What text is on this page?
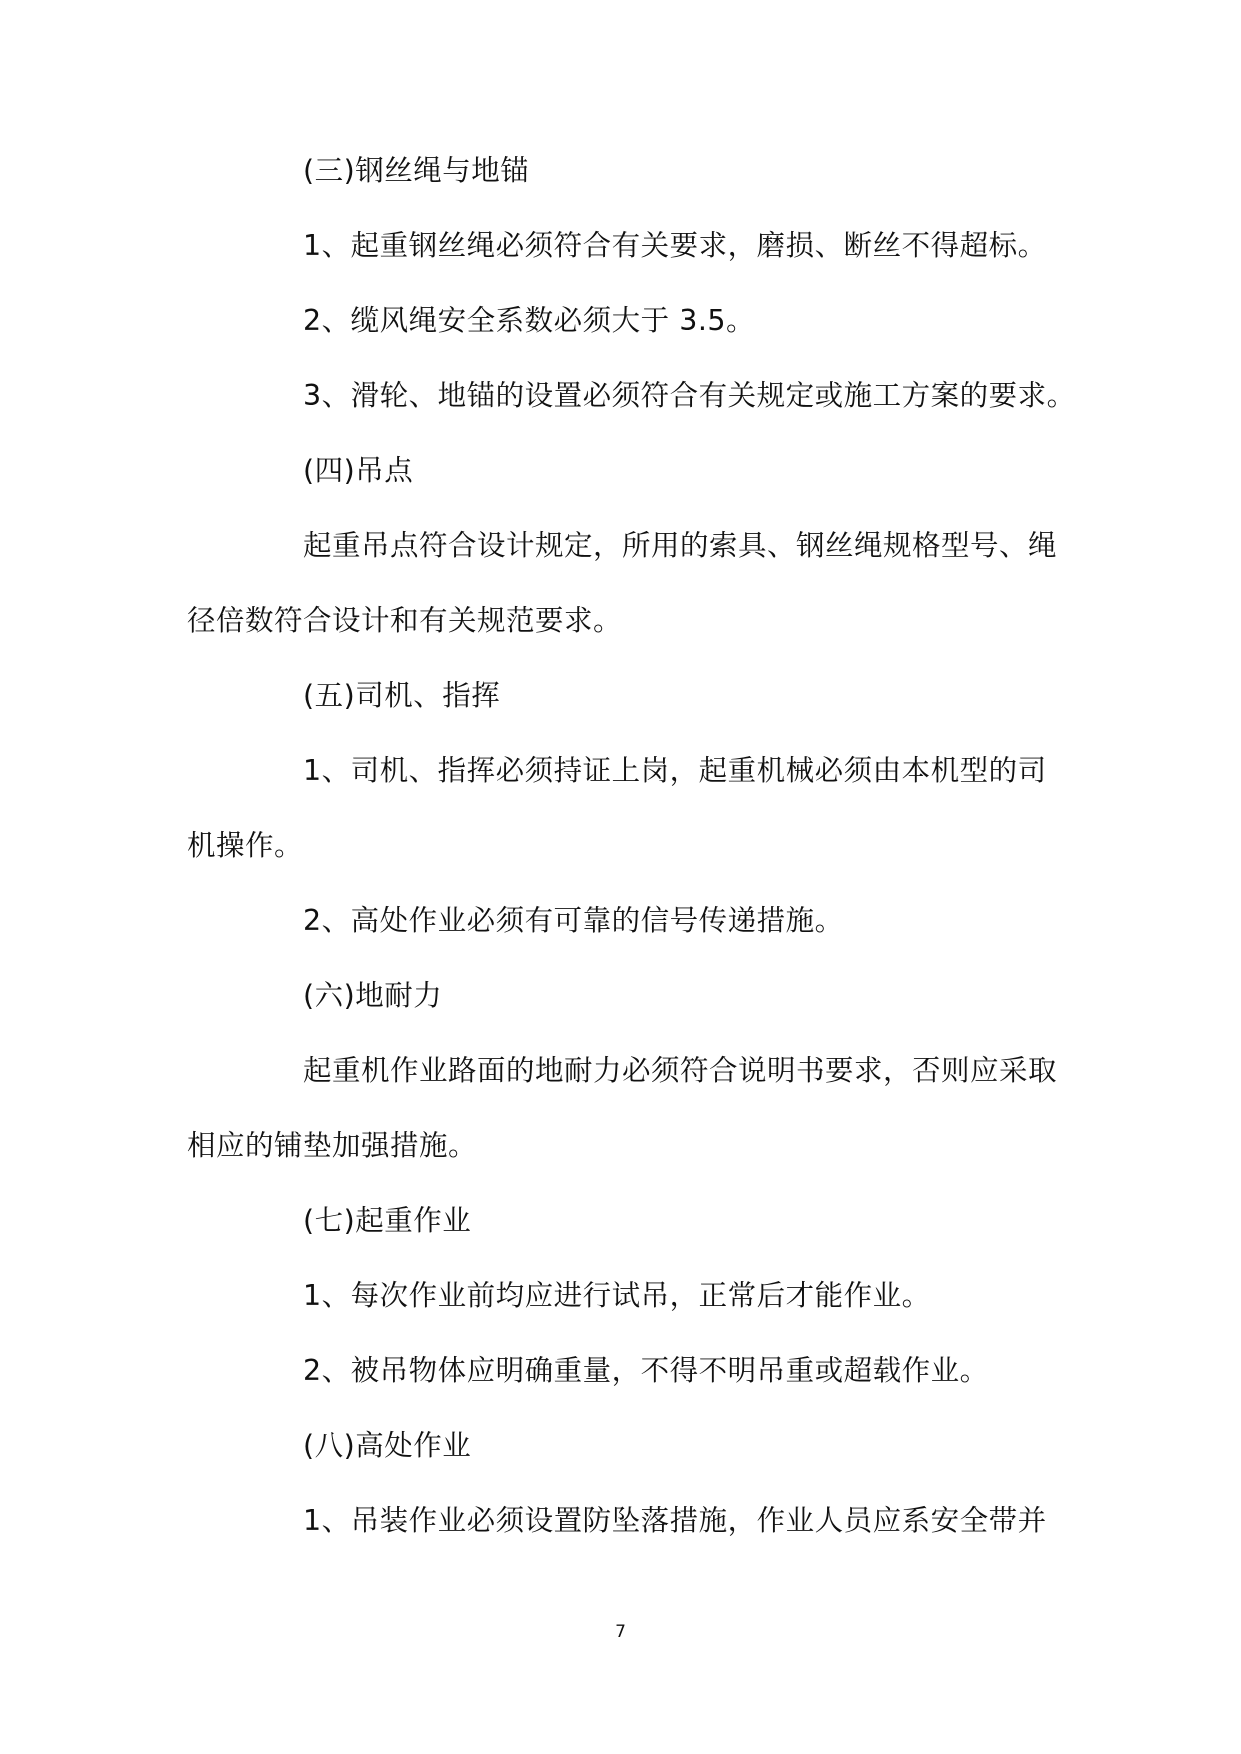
(三)钢丝绳与地锚
1、起重钢丝绳必须符合有关要求，磨损、断丝不得超标。
2、缆风绳安全系数必须大于 3.5。
3、滑轮、地锚的设置必须符合有关规定或施工方案的要求。
(四)吊点
起重吊点符合设计规定，所用的索具、钢丝绳规格型号、绳
径倍数符合设计和有关规范要求。
(五)司机、指挥
1、司机、指挥必须持证上岗，起重机械必须由本机型的司
机操作。
2、高处作业必须有可靠的信号传递措施。
(六)地耐力
起重机作业路面的地耐力必须符合说明书要求，否则应采取
相应的铺垫加强措施。
(七)起重作业
1、每次作业前均应进行试吊，正常后才能作业。
2、被吊物体应明确重量，不得不明吊重或超载作业。
(八)高处作业
1、吊装作业必须设置防坠落措施，作业人员应系安全带并
7
